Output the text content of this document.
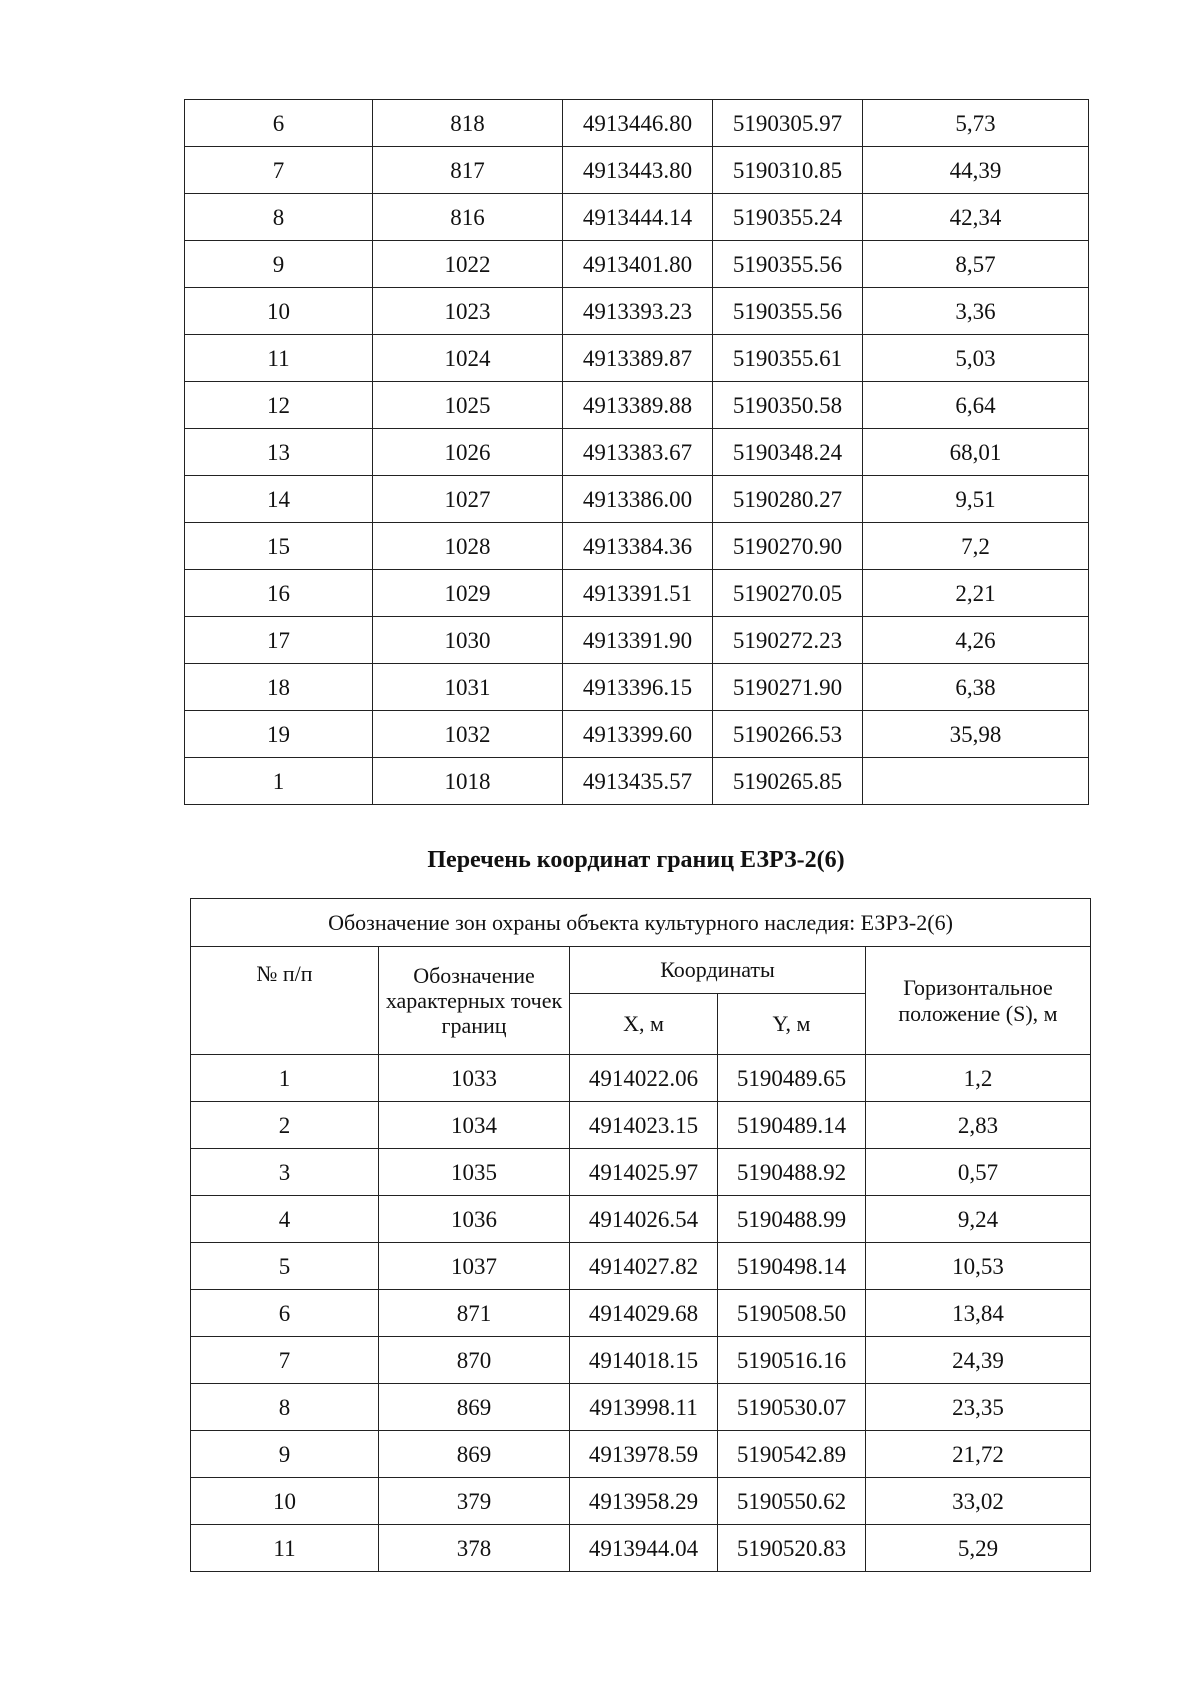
6	818	4913446.80	5190305.97	5,73
7	817	4913443.80	5190310.85	44,39
8	816	4913444.14	5190355.24	42,34
9	1022	4913401.80	5190355.56	8,57
10	1023	4913393.23	5190355.56	3,36
11	1024	4913389.87	5190355.61	5,03
12	1025	4913389.88	5190350.58	6,64
13	1026	4913383.67	5190348.24	68,01
14	1027	4913386.00	5190280.27	9,51
15	1028	4913384.36	5190270.90	7,2
16	1029	4913391.51	5190270.05	2,21
17	1030	4913391.90	5190272.23	4,26
18	1031	4913396.15	5190271.90	6,38
19	1032	4913399.60	5190266.53	35,98
1	1018	4913435.57	5190265.85	
Перечень координат границ ЕЗРЗ-2(6)
Обозначение зон охраны объекта культурного наследия: ЕЗРЗ-2(6)				
№ п/п	Обозначение характерных точек границ	Координаты		Горизонтальное положение (S), м
		X, м	Y, м	
1	1033	4914022.06	5190489.65	1,2
2	1034	4914023.15	5190489.14	2,83
3	1035	4914025.97	5190488.92	0,57
4	1036	4914026.54	5190488.99	9,24
5	1037	4914027.82	5190498.14	10,53
6	871	4914029.68	5190508.50	13,84
7	870	4914018.15	5190516.16	24,39
8	869	4913998.11	5190530.07	23,35
9	869	4913978.59	5190542.89	21,72
10	379	4913958.29	5190550.62	33,02
11	378	4913944.04	5190520.83	5,29
